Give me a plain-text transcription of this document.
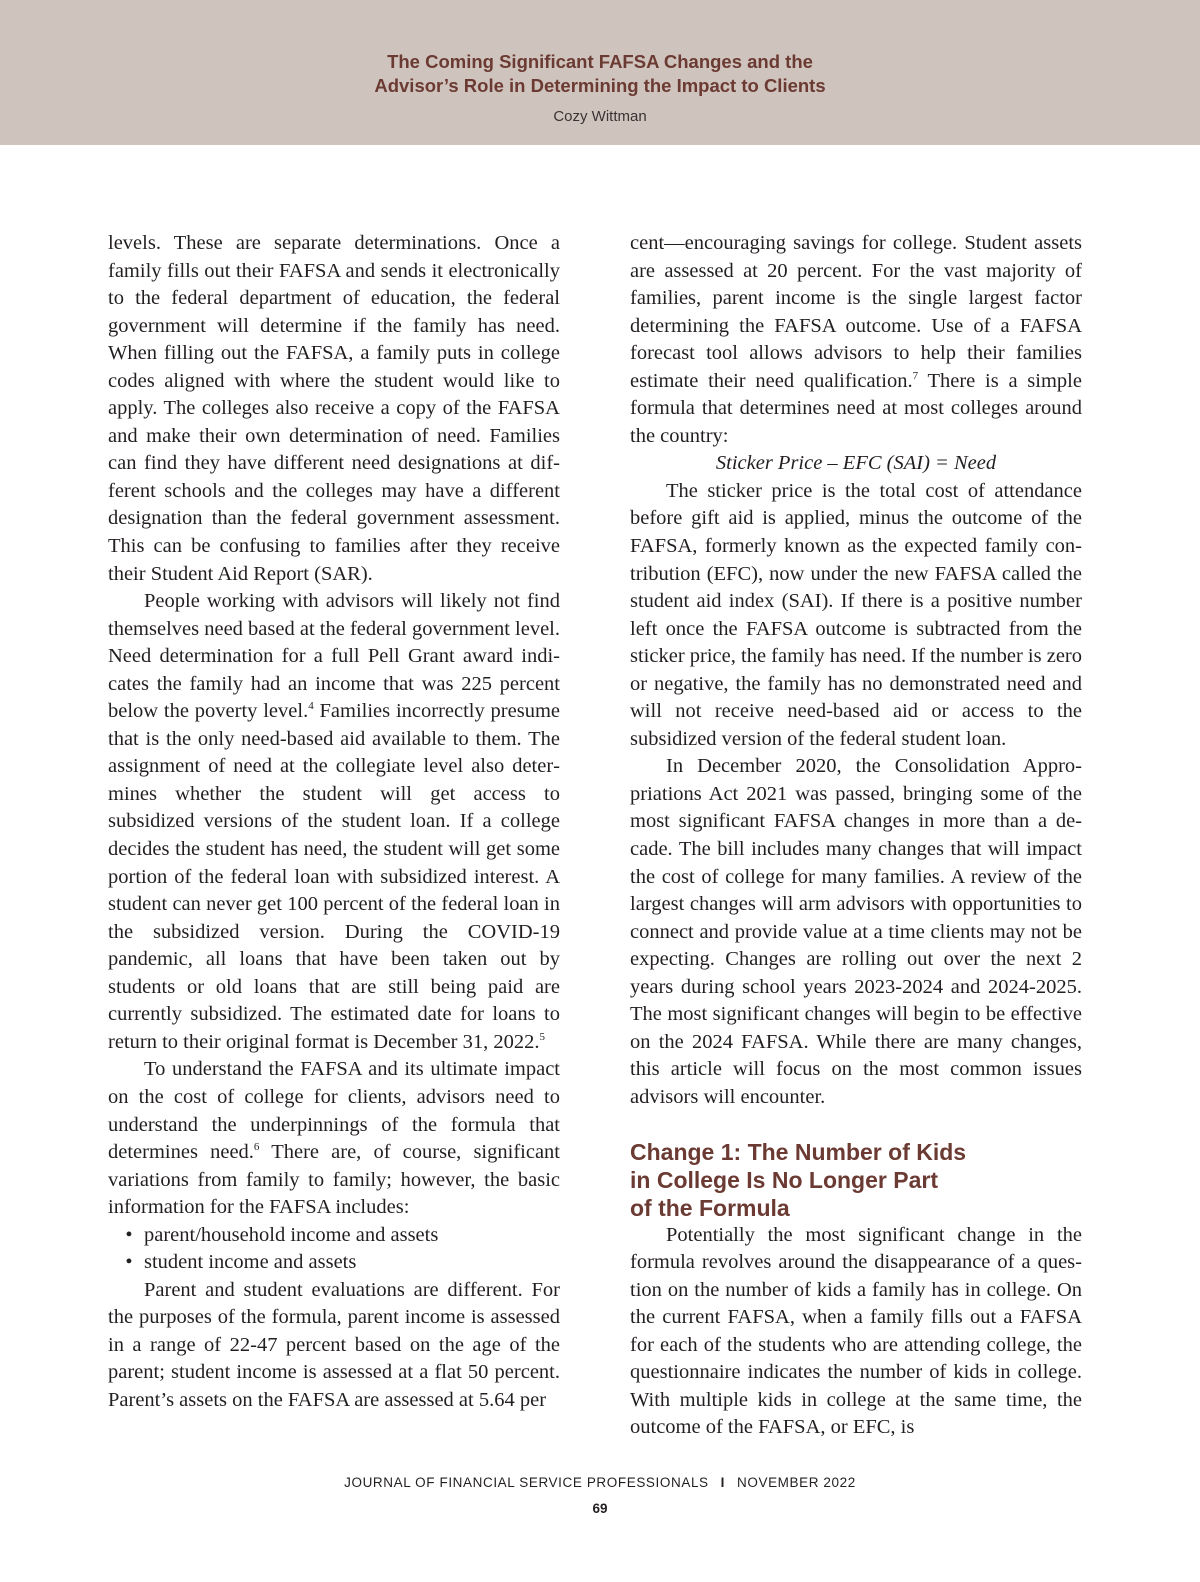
The Coming Significant FAFSA Changes and the
Advisor’s Role in Determining the Impact to Clients
Cozy Wittman

levels. These are separate determinations. Once a family fills out their FAFSA and sends it electronically to the federal department of education, the federal government will determine if the family has need. When filling out the FAFSA, a family puts in college codes aligned with where the student would like to apply. The colleges also receive a copy of the FAFSA and make their own determination of need. Families can find they have different need designations at different schools and the colleges may have a different designation than the federal government assessment. This can be confusing to families after they receive their Student Aid Report (SAR).

People working with advisors will likely not find themselves need based at the federal government level. Need determination for a full Pell Grant award indicates the family had an income that was 225 percent below the poverty level.$^4$ Families incorrectly presume that is the only need-based aid available to them. The assignment of need at the collegiate level also determines whether the student will get access to subsidized versions of the student loan. If a college decides the student has need, the student will get some portion of the federal loan with subsidized interest. A student can never get 100 percent of the federal loan in the subsidized version. During the COVID-19 pandemic, all loans that have been taken out by students or old loans that are still being paid are currently subsidized. The estimated date for loans to return to their original format is December 31, 2022.$^5$

To understand the FAFSA and its ultimate impact on the cost of college for clients, advisors need to understand the underpinnings of the formula that determines need.$^6$ There are, of course, significant variations from family to family; however, the basic information for the FAFSA includes:

• parent/household income and assets
• student income and assets

Parent and student evaluations are different. For the purposes of the formula, parent income is assessed in a range of 22-47 percent based on the age of the parent; student income is assessed at a flat 50 percent. Parent’s assets on the FAFSA are assessed at 5.64 per

cent—encouraging savings for college. Student assets are assessed at 20 percent. For the vast majority of families, parent income is the single largest factor determining the FAFSA outcome. Use of a FAFSA forecast tool allows advisors to help their families estimate their need qualification.$^7$ There is a simple formula that determines need at most colleges around the country:

Sticker Price – EFC (SAI) = Need

The sticker price is the total cost of attendance before gift aid is applied, minus the outcome of the FAFSA, formerly known as the expected family contribution (EFC), now under the new FAFSA called the student aid index (SAI). If there is a positive number left once the FAFSA outcome is subtracted from the sticker price, the family has need. If the number is zero or negative, the family has no demonstrated need and will not receive need-based aid or access to the subsidized version of the federal student loan.

In December 2020, the Consolidation Appropriations Act 2021 was passed, bringing some of the most significant FAFSA changes in more than a decade. The bill includes many changes that will impact the cost of college for many families. A review of the largest changes will arm advisors with opportunities to connect and provide value at a time clients may not be expecting. Changes are rolling out over the next 2 years during school years 2023-2024 and 2024-2025. The most significant changes will begin to be effective on the 2024 FAFSA. While there are many changes, this article will focus on the most common issues advisors will encounter.

Change 1: The Number of Kids
in College Is No Longer Part
of the Formula

Potentially the most significant change in the formula revolves around the disappearance of a question on the number of kids a family has in college. On the current FAFSA, when a family fills out a FAFSA for each of the students who are attending college, the questionnaire indicates the number of kids in college. With multiple kids in college at the same time, the outcome of the FAFSA, or EFC, is

JOURNAL OF FINANCIAL SERVICE PROFESSIONALS I NOVEMBER 2022
69
